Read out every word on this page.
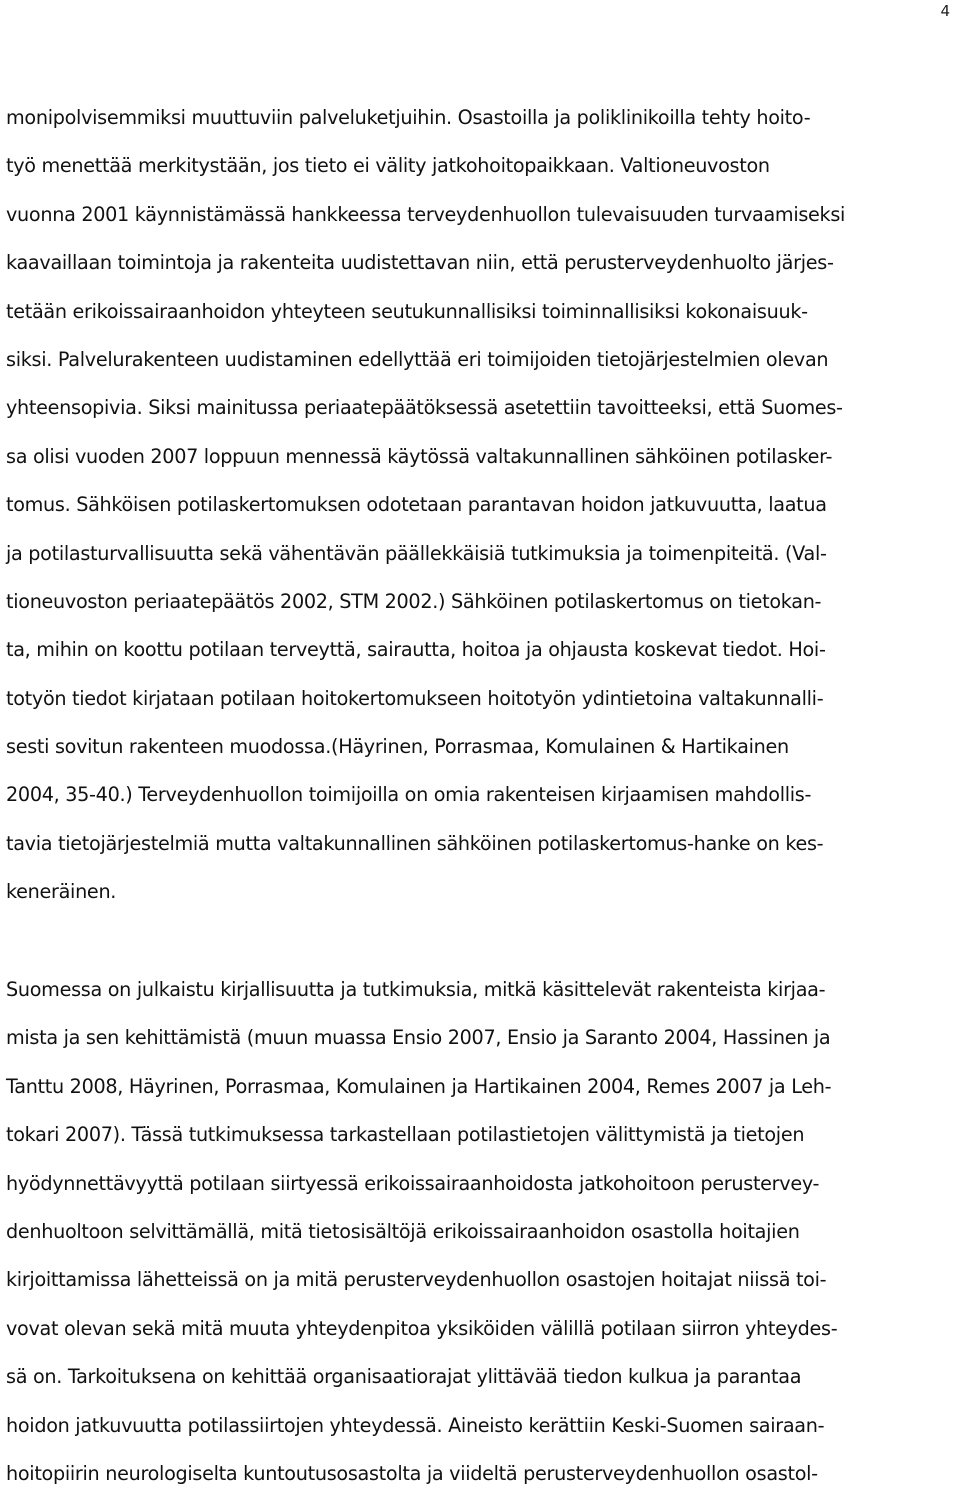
4
monipolvisemmiksi muuttuviin palveluketjuihin. Osastoilla ja poliklinikoilla tehty hoito-
työ menettää merkitystään, jos tieto ei välity jatkohoitopaikkaan. Valtioneuvoston
vuonna 2001 käynnistämässä hankkeessa terveydenhuollon tulevaisuuden turvaamiseksi
kaavaillaan toimintoja ja rakenteita uudistettavan niin, että perusterveydenhuolto järjes-
tetään erikoissairaanhoidon yhteyteen seutukunnallisiksi toiminnallisiksi kokonaisuuk-
siksi. Palvelurakenteen uudistaminen edellyttää eri toimijoiden tietojärjestelmien olevan
yhteensopivia. Siksi mainitussa periaatepäätöksessä asetettiin tavoitteeksi, että Suomes-
sa olisi vuoden 2007 loppuun mennessä käytössä valtakunnallinen sähköinen potilasker-
tomus. Sähköisen potilaskertomuksen odotetaan parantavan hoidon jatkuvuutta, laatua
ja potilasturvallisuutta sekä vähentävän päällekkäisiä tutkimuksia ja toimenpiteitä. (Val-
tioneuvoston periaatepäätös 2002, STM 2002.) Sähköinen potilaskertomus on tietokan-
ta, mihin on koottu potilaan terveyttä, sairautta, hoitoa ja ohjausta koskevat tiedot. Hoi-
totyön tiedot kirjataan potilaan hoitokertomukseen hoitotyön ydintietoina valtakunnalli-
sesti sovitun rakenteen muodossa.(Häyrinen, Porrasmaa, Komulainen & Hartikainen
2004, 35-40.) Terveydenhuollon toimijoilla on omia rakenteisen kirjaamisen mahdollis-
tavia tietojärjestelmiä mutta valtakunnallinen sähköinen potilaskertomus-hanke on kes-
keneräinen.
Suomessa on julkaistu kirjallisuutta ja tutkimuksia, mitkä käsittelevät rakenteista kirjaa-
mista ja sen kehittämistä (muun muassa Ensio 2007, Ensio ja Saranto 2004, Hassinen ja
Tanttu 2008, Häyrinen, Porrasmaa, Komulainen ja Hartikainen 2004, Remes 2007 ja Leh-
tokari 2007). Tässä tutkimuksessa tarkastellaan potilastietojen välittymistä ja tietojen
hyödynnettävyyttä potilaan siirtyessä erikoissairaanhoidosta jatkohoitoon perustervey-
denhuoltoon selvittämällä, mitä tietosisältöjä erikoissairaanhoidon osastolla hoitajien
kirjoittamissa lähetteissä on ja mitä perusterveydenhuollon osastojen hoitajat niissä toi-
vovat olevan sekä mitä muuta yhteydenpitoa yksiköiden välillä potilaan siirron yhteydes-
sä on. Tarkoituksena on kehittää organisaatiorajat ylittävää tiedon kulkua ja parantaa
hoidon jatkuvuutta potilassiirtojen yhteydessä. Aineisto kerättiin Keski-Suomen sairaan-
hoitopiirin neurologiselta kuntoutusosastolta ja viideltä perusterveydenhuollon osastol-
